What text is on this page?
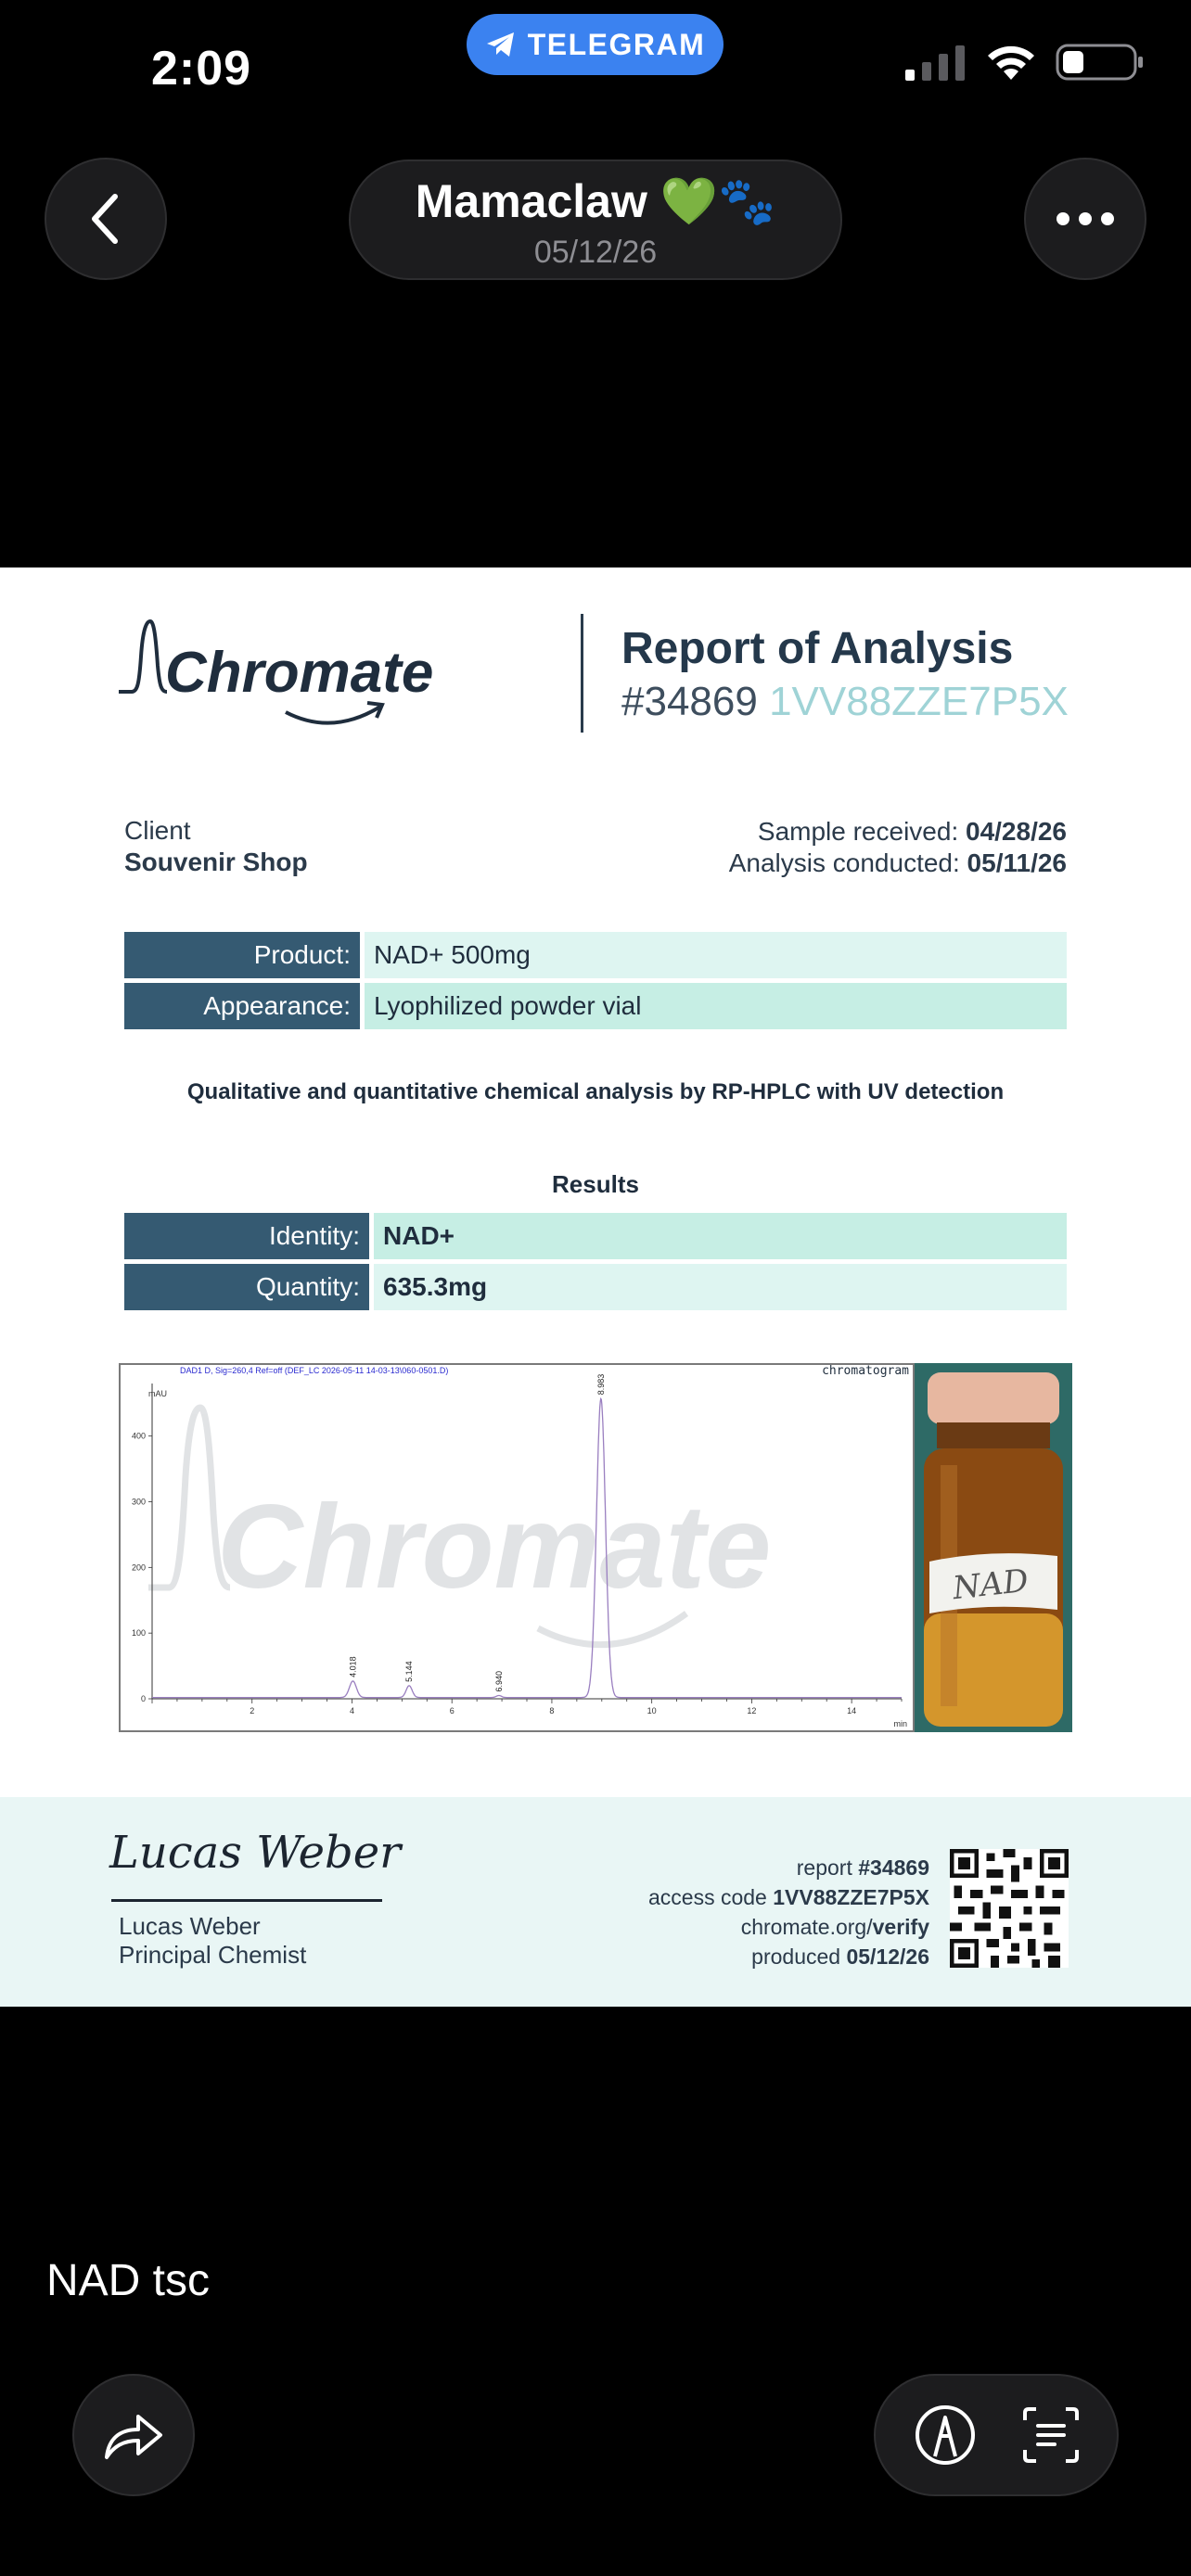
2:09	TELEGRAM
Mamaclaw 💚🐾
05/12/26
Chromate	Report of Analysis
#34869 1VV88ZZE7P5X
Client
Souvenir Shop
Sample received: 04/28/26
Analysis conducted: 05/11/26
Product: NAD+ 500mg
Appearance: Lyophilized powder vial
Qualitative and quantitative chemical analysis by RP-HPLC with UV detection
Results
Identity: NAD+
Quantity: 635.3mg
Chromate
DAD1 D, Sig=260,4 Ref=off (DEF_LC 2026-05-11 14-03-13\060-0501.D)	chromatogram
mAU
min
2	4	6	8	10	12	14
0
100
200
300
400
4.018	5.144	6.940
8.983
NAD
Lucas Weber
Lucas Weber
Principal Chemist
report #34869
access code 1VV88ZZE7P5X
chromate.org/verify
produced 05/12/26
NAD tsc
